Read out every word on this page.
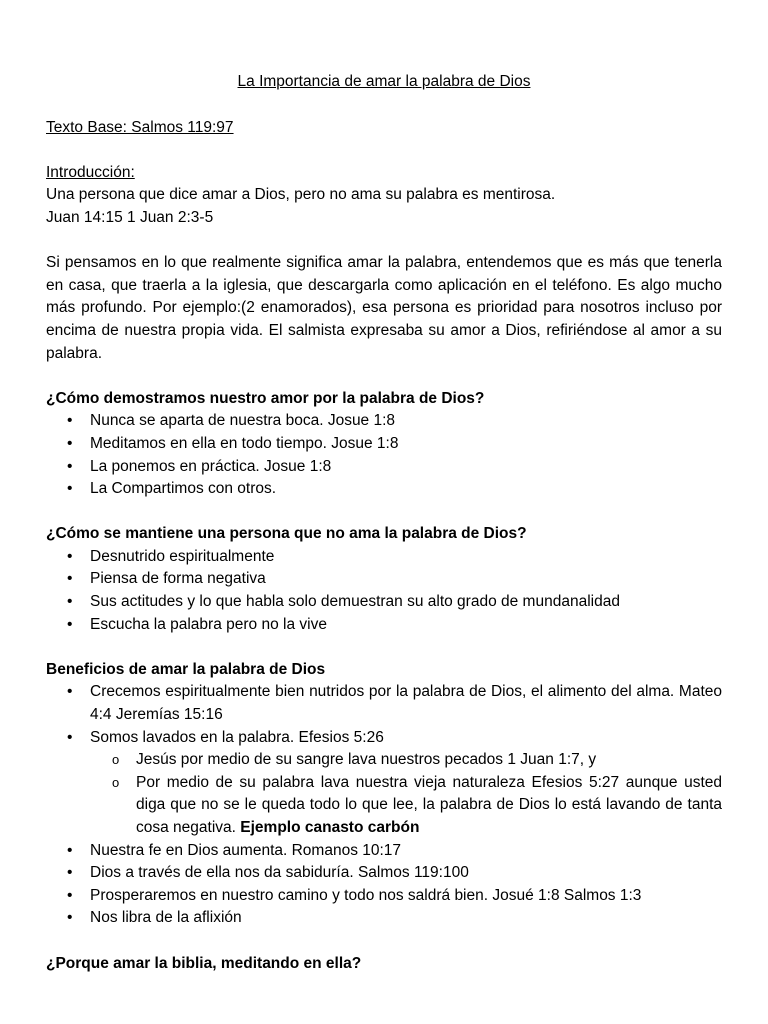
La Importancia de amar la palabra de Dios

Texto Base: Salmos 119:97

Introducción:

Una persona que dice amar a Dios, pero no ama su palabra es mentirosa.

Juan 14:15 1 Juan 2:3-5

Si pensamos en lo que realmente significa amar la palabra, entendemos que es más que tenerla en casa, que traerla a la iglesia, que descargarla como aplicación en el teléfono. Es algo mucho más profundo. Por ejemplo:(2 enamorados), esa persona es prioridad para nosotros incluso por encima de nuestra propia vida. El salmista expresaba su amor a Dios, refiriéndose al amor a su palabra.

¿Cómo demostramos nuestro amor por la palabra de Dios?

• Nunca se aparta de nuestra boca. Josue 1:8
• Meditamos en ella en todo tiempo. Josue 1:8
• La ponemos en práctica. Josue 1:8
• La Compartimos con otros.

¿Cómo se mantiene una persona que no ama la palabra de Dios?

• Desnutrido espiritualmente
• Piensa de forma negativa
• Sus actitudes y lo que habla solo demuestran su alto grado de mundanalidad
• Escucha la palabra pero no la vive

Beneficios de amar la palabra de Dios

• Crecemos espiritualmente bien nutridos por la palabra de Dios, el alimento del alma. Mateo 4:4 Jeremías 15:16
• Somos lavados en la palabra. Efesios 5:26
o Jesús por medio de su sangre lava nuestros pecados 1 Juan 1:7, y
o Por medio de su palabra lava nuestra vieja naturaleza Efesios 5:27 aunque usted diga que no se le queda todo lo que lee, la palabra de Dios lo está lavando de tanta cosa negativa. Ejemplo canasto carbón
• Nuestra fe en Dios aumenta. Romanos 10:17
• Dios a través de ella nos da sabiduría. Salmos 119:100
• Prosperaremos en nuestro camino y todo nos saldrá bien. Josué 1:8 Salmos 1:3
• Nos libra de la aflixión

¿Porque amar la biblia, meditando en ella?
